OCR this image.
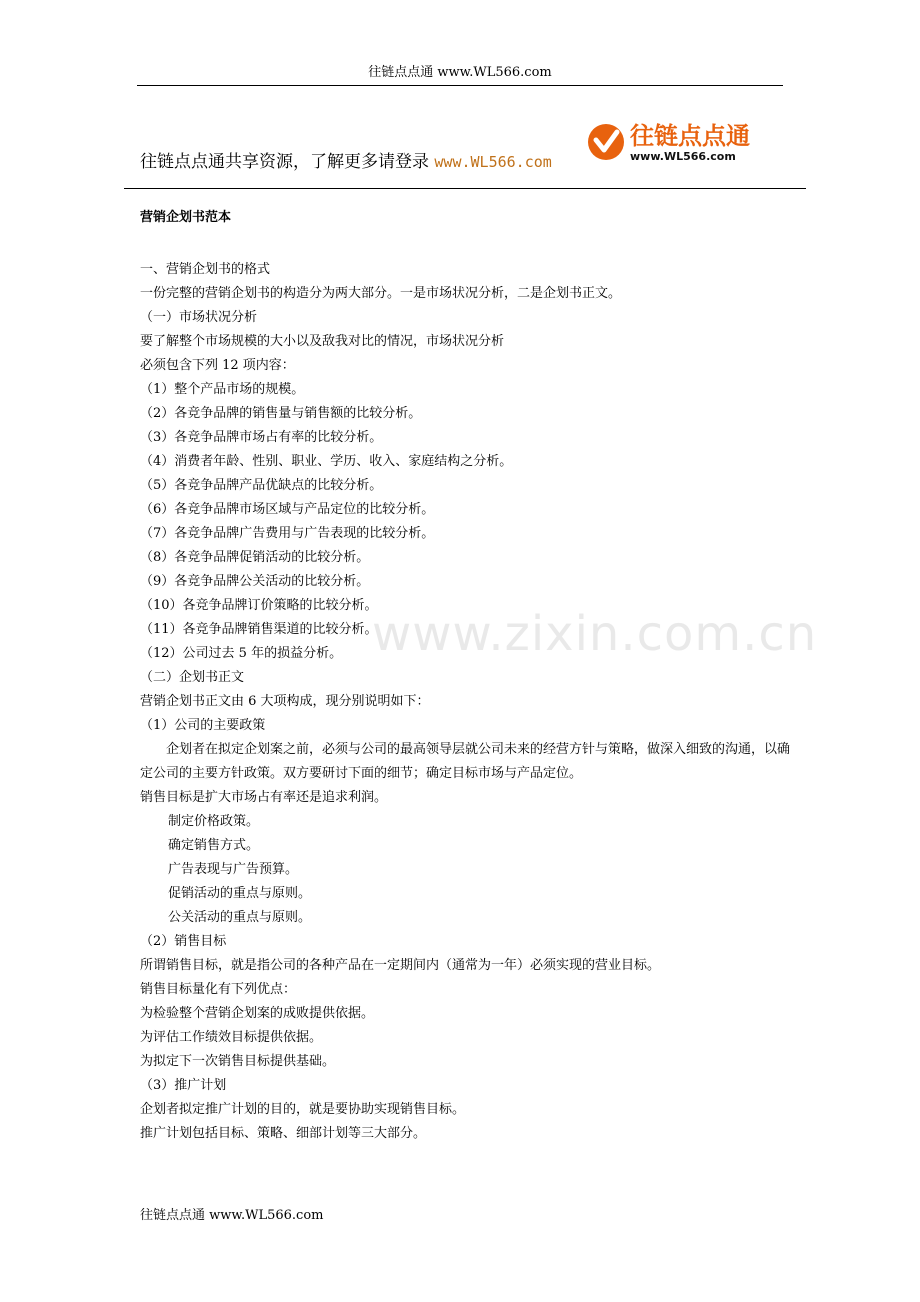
往链点点通 www.WL566.com
往链点点通共享资源，了解更多请登录 www.WL566.com
往链点点通
www.WL566.com
营销企划书范本

一、营销企划书的格式

一份完整的营销企划书的构造分为两大部分。一是市场状况分析，二是企划书正文。

（一）市场状况分析

要了解整个市场规模的大小以及敌我对比的情况，市场状况分析

必须包含下列 12 项内容：

（1）整个产品市场的规模。

（2）各竞争品牌的销售量与销售额的比较分析。

（3）各竞争品牌市场占有率的比较分析。

（4）消费者年龄、性别、职业、学历、收入、家庭结构之分析。

（5）各竞争品牌产品优缺点的比较分析。

（6）各竞争品牌市场区域与产品定位的比较分析。

（7）各竞争品牌广告费用与广告表现的比较分析。

（8）各竞争品牌促销活动的比较分析。

（9）各竞争品牌公关活动的比较分析。

（10）各竞争品牌订价策略的比较分析。

（11）各竞争品牌销售渠道的比较分析。

（12）公司过去 5 年的损益分析。

（二）企划书正文

营销企划书正文由 6 大项构成，现分别说明如下：

（1）公司的主要政策

企划者在拟定企划案之前，必须与公司的最高领导层就公司未来的经营方针与策略，做深入细致的沟通，以确定公司的主要方针政策。双方要研讨下面的细节；确定目标市场与产品定位。

销售目标是扩大市场占有率还是追求利润。

制定价格政策。

确定销售方式。

广告表现与广告预算。

促销活动的重点与原则。

公关活动的重点与原则。

（2）销售目标

所谓销售目标，就是指公司的各种产品在一定期间内（通常为一年）必须实现的营业目标。

销售目标量化有下列优点：

为检验整个营销企划案的成败提供依据。

为评估工作绩效目标提供依据。

为拟定下一次销售目标提供基础。

（3）推广计划

企划者拟定推广计划的目的，就是要协助实现销售目标。

推广计划包括目标、策略、细部计划等三大部分。

www.zixin.com.cn
往链点点通 www.WL566.com
